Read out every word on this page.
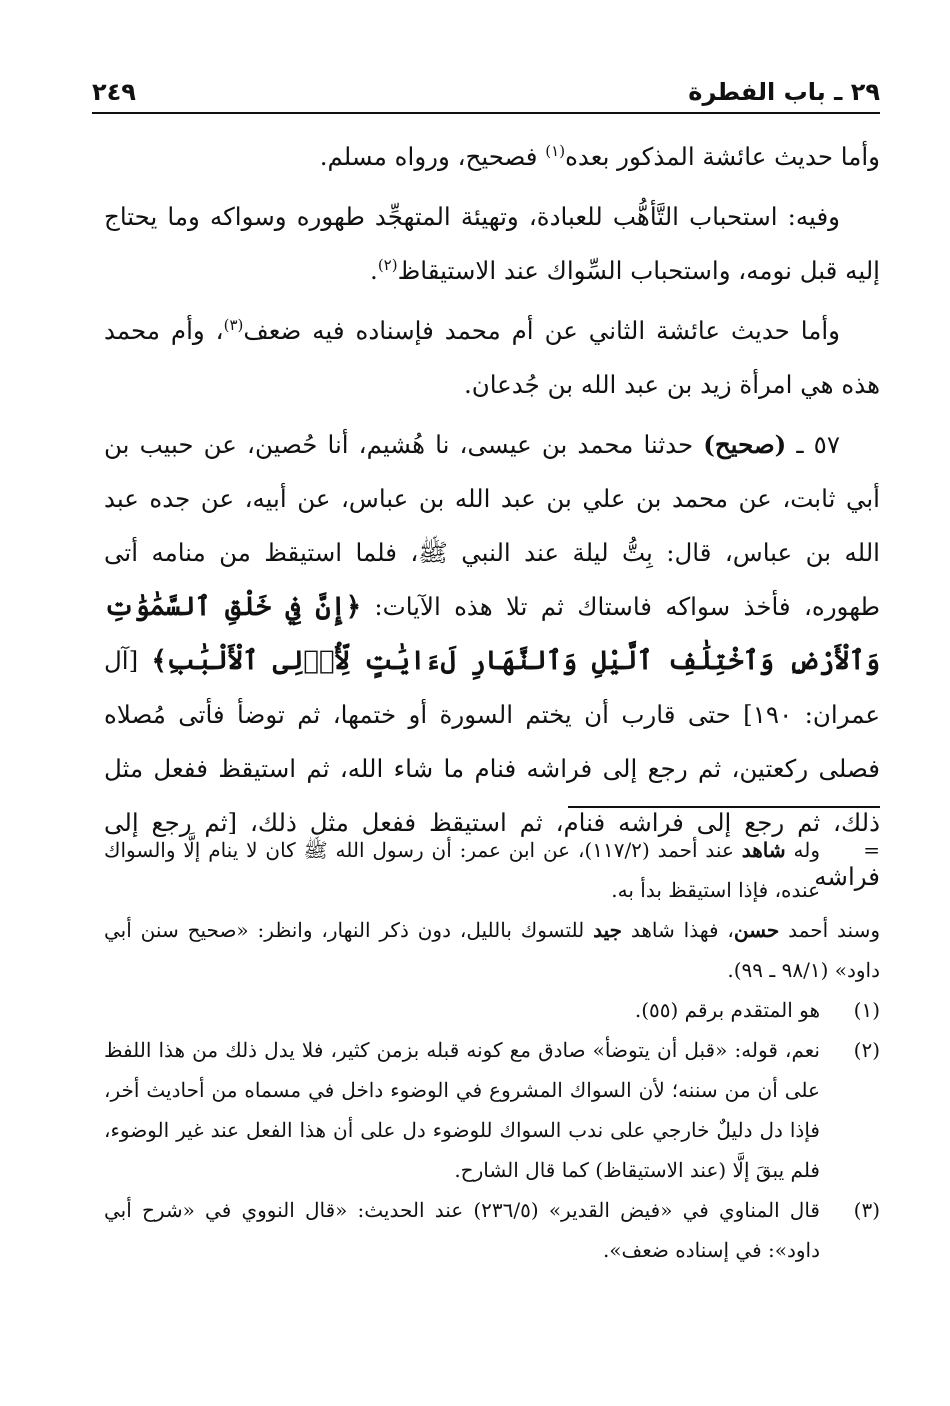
٢٤٩	٢٩ ـ باب الفطرة

وأما حديث عائشة المذكور بعده$^{(١)}$ فصحيح، ورواه مسلم.

وفيه: استحباب التَّأهُّب للعبادة، وتهيئة المتهجِّد طهوره وسواكه وما يحتاج إليه قبل نومه، واستحباب السِّواك عند الاستيقاظ$^{(٢)}$.

وأما حديث عائشة الثاني عن أم محمد فإسناده فيه ضعف$^{(٣)}$، وأم محمد هذه هي امرأة زيد بن عبد الله بن جُدعان.

٥٧ ـ (صحيح) حدثنا محمد بن عيسى، نا هُشيم، أنا حُصين، عن حبيب بن أبي ثابت، عن محمد بن علي بن عبد الله بن عباس، عن أبيه، عن جده عبد الله بن عباس، قال: بِتُّ ليلة عند النبي ﷺ، فلما استيقظ من منامه أتى طهوره، فأخذ سواكه فاستاك ثم تلا هذه الآيات: ﴿إِنَّ فِي خَلْقِ ٱلسَّمَٰوَٰتِ وَٱلْأَرْضِ وَٱخْتِلَٰفِ ٱلَّيْلِ وَٱلنَّهَارِ لَءَايَٰتٍ لِّأُو۟لِى ٱلْأَلْبَٰبِ﴾ [آل عمران: ١٩٠] حتى قارب أن يختم السورة أو ختمها، ثم توضأ فأتى مُصلاه فصلى ركعتين، ثم رجع إلى فراشه فنام ما شاء الله، ثم استيقظ ففعل مثل ذلك، ثم رجع إلى فراشه فنام، ثم استيقظ ففعل مثل ذلك، [ثم رجع إلى فراشه

=
وله شاهد عند أحمد (١١٧/٢)، عن ابن عمر: أن رسول الله ﷺ كان لا ينام إلَّا والسواك عنده، فإذا استيقظ بدأ به.
وسند أحمد حسن، فهذا شاهد جيد للتسوك بالليل، دون ذكر النهار، وانظر: «صحيح سنن أبي داود» (٩٨/١ ـ ٩٩).
(١)
هو المتقدم برقم (٥٥).
(٢)
نعم، قوله: «قبل أن يتوضأ» صادق مع كونه قبله بزمن كثير، فلا يدل ذلك من هذا اللفظ على أن من سننه؛ لأن السواك المشروع في الوضوء داخل في مسماه من أحاديث أخر، فإذا دل دليلٌ خارجي على ندب السواك للوضوء دل على أن هذا الفعل عند غير الوضوء، فلم يبقَ إلَّا (عند الاستيقاظ) كما قال الشارح.
(٣)
قال المناوي في «فيض القدير» (٢٣٦/٥) عند الحديث: «قال النووي في «شرح أبي داود»: في إسناده ضعف».
